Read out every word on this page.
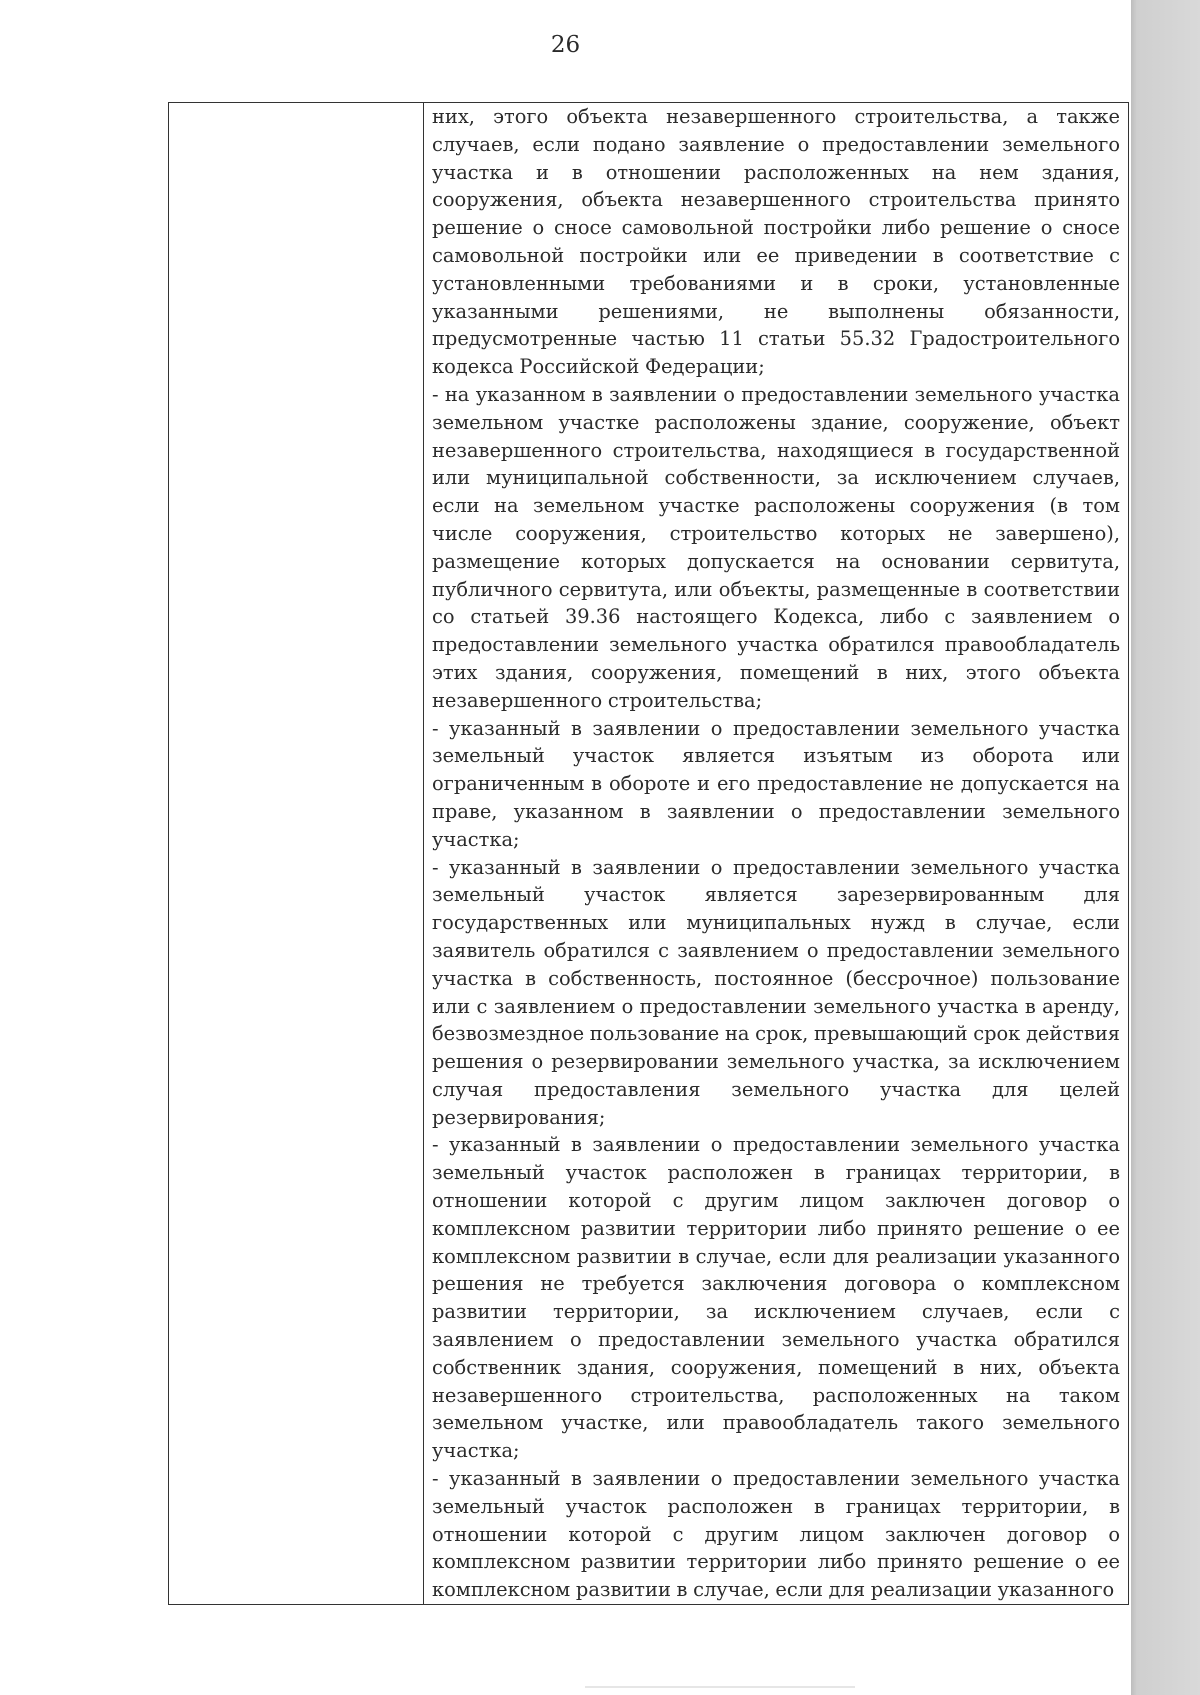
26

них, этого объекта незавершенного строительства, а также случаев, если подано заявление о предоставлении земельного участка и в отношении расположенных на нем здания, сооружения, объекта незавершенного строительства принято решение о сносе самовольной постройки либо решение о сносе самовольной постройки или ее приведении в соответствие с установленными требованиями и в сроки, установленные указанными решениями, не выполнены обязанности, предусмотренные частью 11 статьи 55.32 Градостроительного кодекса Российской Федерации;

- на указанном в заявлении о предоставлении земельного участка земельном участке расположены здание, сооружение, объект незавершенного строительства, находящиеся в государственной или муниципальной собственности, за исключением случаев, если на земельном участке расположены сооружения (в том числе сооружения, строительство которых не завершено), размещение которых допускается на основании сервитута, публичного сервитута, или объекты, размещенные в соответствии со статьей 39.36 настоящего Кодекса, либо с заявлением о предоставлении земельного участка обратился правообладатель этих здания, сооружения, помещений в них, этого объекта незавершенного строительства;

- указанный в заявлении о предоставлении земельного участка земельный участок является изъятым из оборота или ограниченным в обороте и его предоставление не допускается на праве, указанном в заявлении о предоставлении земельного участка;

- указанный в заявлении о предоставлении земельного участка земельный участок является зарезервированным для государственных или муниципальных нужд в случае, если заявитель обратился с заявлением о предоставлении земельного участка в собственность, постоянное (бессрочное) пользование или с заявлением о предоставлении земельного участка в аренду, безвозмездное пользование на срок, превышающий срок действия решения о резервировании земельного участка, за исключением случая предоставления земельного участка для целей резервирования;

- указанный в заявлении о предоставлении земельного участка земельный участок расположен в границах территории, в отношении которой с другим лицом заключен договор о комплексном развитии территории либо принято решение о ее комплексном развитии в случае, если для реализации указанного решения не требуется заключения договора о комплексном развитии территории, за исключением случаев, если с заявлением о предоставлении земельного участка обратился собственник здания, сооружения, помещений в них, объекта незавершенного строительства, расположенных на таком земельном участке, или правообладатель такого земельного участка;

- указанный в заявлении о предоставлении земельного участка земельный участок расположен в границах территории, в отношении которой с другим лицом заключен договор о комплексном развитии территории либо принято решение о ее комплексном развитии в случае, если для реализации указанного
